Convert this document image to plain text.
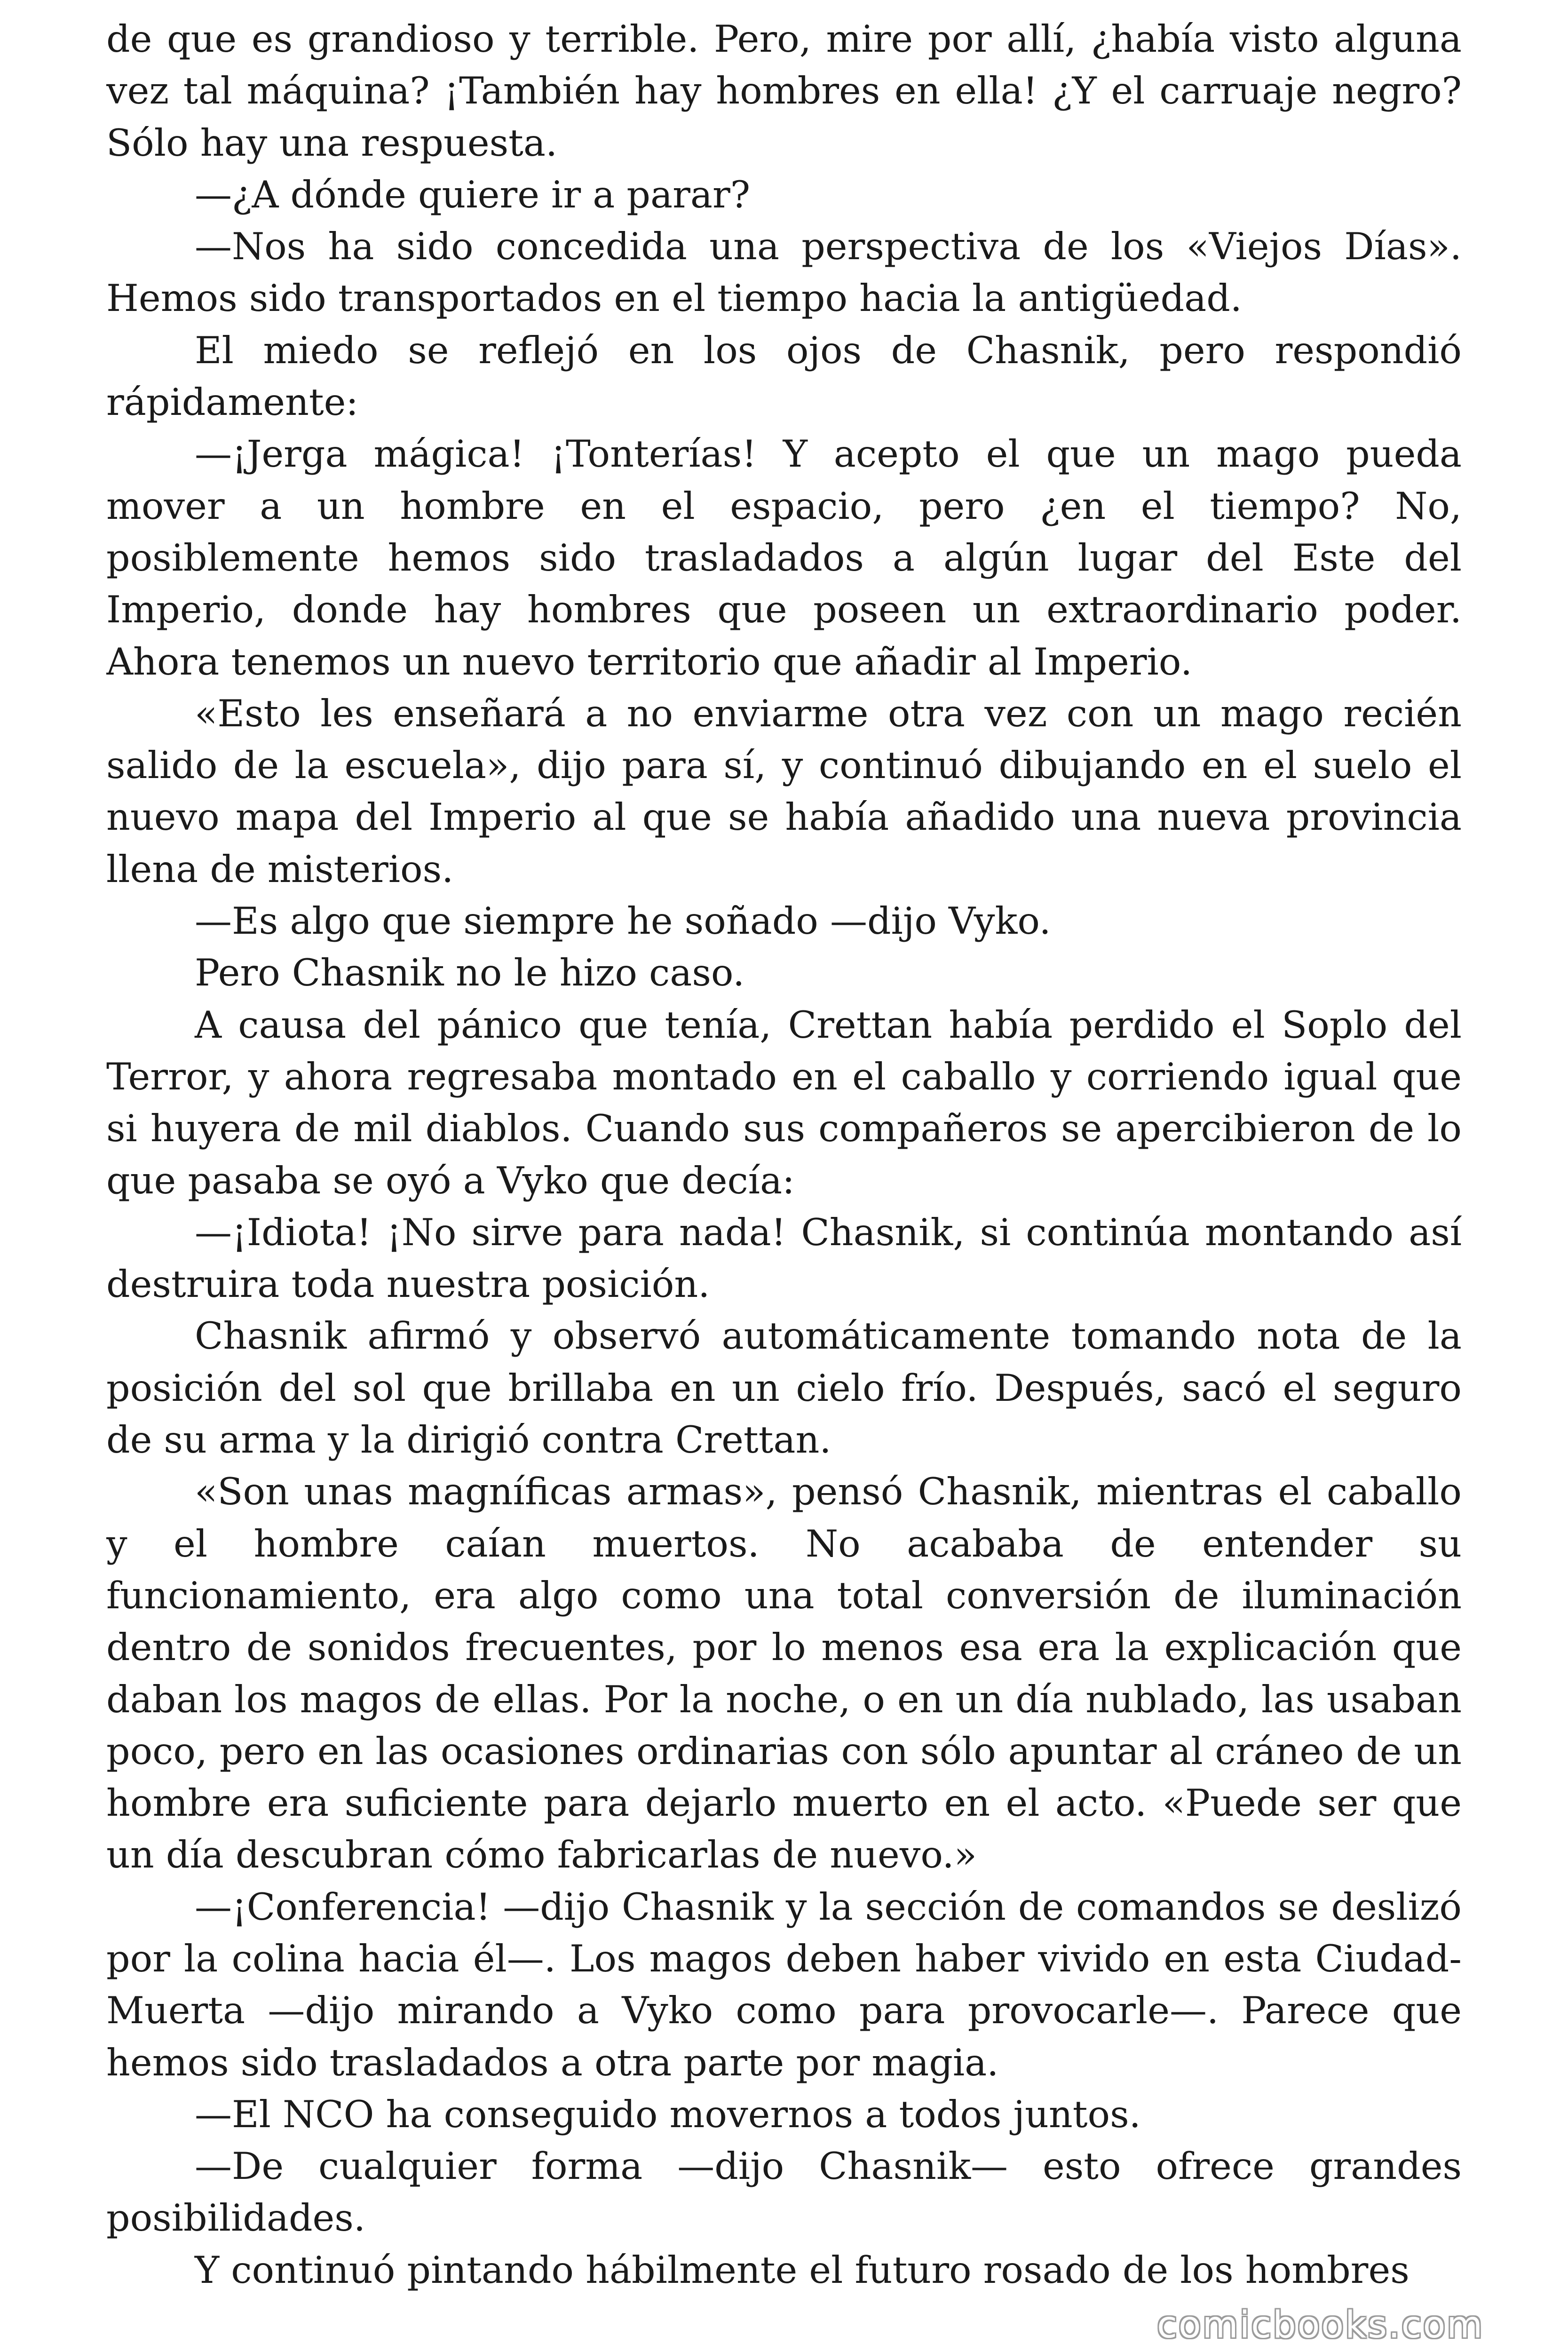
de que es grandioso y terrible. Pero, mire por allí, ¿había visto alguna vez tal máquina? ¡También hay hombres en ella! ¿Y el carruaje negro? Sólo hay una respuesta.

—¿A dónde quiere ir a parar?

—Nos ha sido concedida una perspectiva de los «Viejos Días». Hemos sido transportados en el tiempo hacia la antigüedad.

El miedo se reflejó en los ojos de Chasnik, pero respondió rápidamente:

—¡Jerga mágica! ¡Tonterías! Y acepto el que un mago pueda mover a un hombre en el espacio, pero ¿en el tiempo? No, posiblemente hemos sido trasladados a algún lugar del Este del Imperio, donde hay hombres que poseen un extraordinario poder. Ahora tenemos un nuevo territorio que añadir al Imperio.

«Esto les enseñará a no enviarme otra vez con un mago recién salido de la escuela», dijo para sí, y continuó dibujando en el suelo el nuevo mapa del Imperio al que se había añadido una nueva provincia llena de misterios.

—Es algo que siempre he soñado —dijo Vyko.

Pero Chasnik no le hizo caso.

A causa del pánico que tenía, Crettan había perdido el Soplo del Terror, y ahora regresaba montado en el caballo y corriendo igual que si huyera de mil diablos. Cuando sus compañeros se apercibieron de lo que pasaba se oyó a Vyko que decía:

—¡Idiota! ¡No sirve para nada! Chasnik, si continúa montando así destruira toda nuestra posición.

Chasnik afirmó y observó automáticamente tomando nota de la posición del sol que brillaba en un cielo frío. Después, sacó el seguro de su arma y la dirigió contra Crettan.

«Son unas magníficas armas», pensó Chasnik, mientras el caballo y el hombre caían muertos. No acababa de entender su funcionamiento, era algo como una total conversión de iluminación dentro de sonidos frecuentes, por lo menos esa era la explicación que daban los magos de ellas. Por la noche, o en un día nublado, las usaban poco, pero en las ocasiones ordinarias con sólo apuntar al cráneo de un hombre era suficiente para dejarlo muerto en el acto. «Puede ser que un día descubran cómo fabricarlas de nuevo.»

—¡Conferencia! —dijo Chasnik y la sección de comandos se deslizó por la colina hacia él—. Los magos deben haber vivido en esta Ciudad-Muerta —dijo mirando a Vyko como para provocarle—. Parece que hemos sido trasladados a otra parte por magia.

—El NCO ha conseguido movernos a todos juntos.

—De cualquier forma —dijo Chasnik— esto ofrece grandes posibilidades.

Y continuó pintando hábilmente el futuro rosado de los hombres

comicbooks.com
